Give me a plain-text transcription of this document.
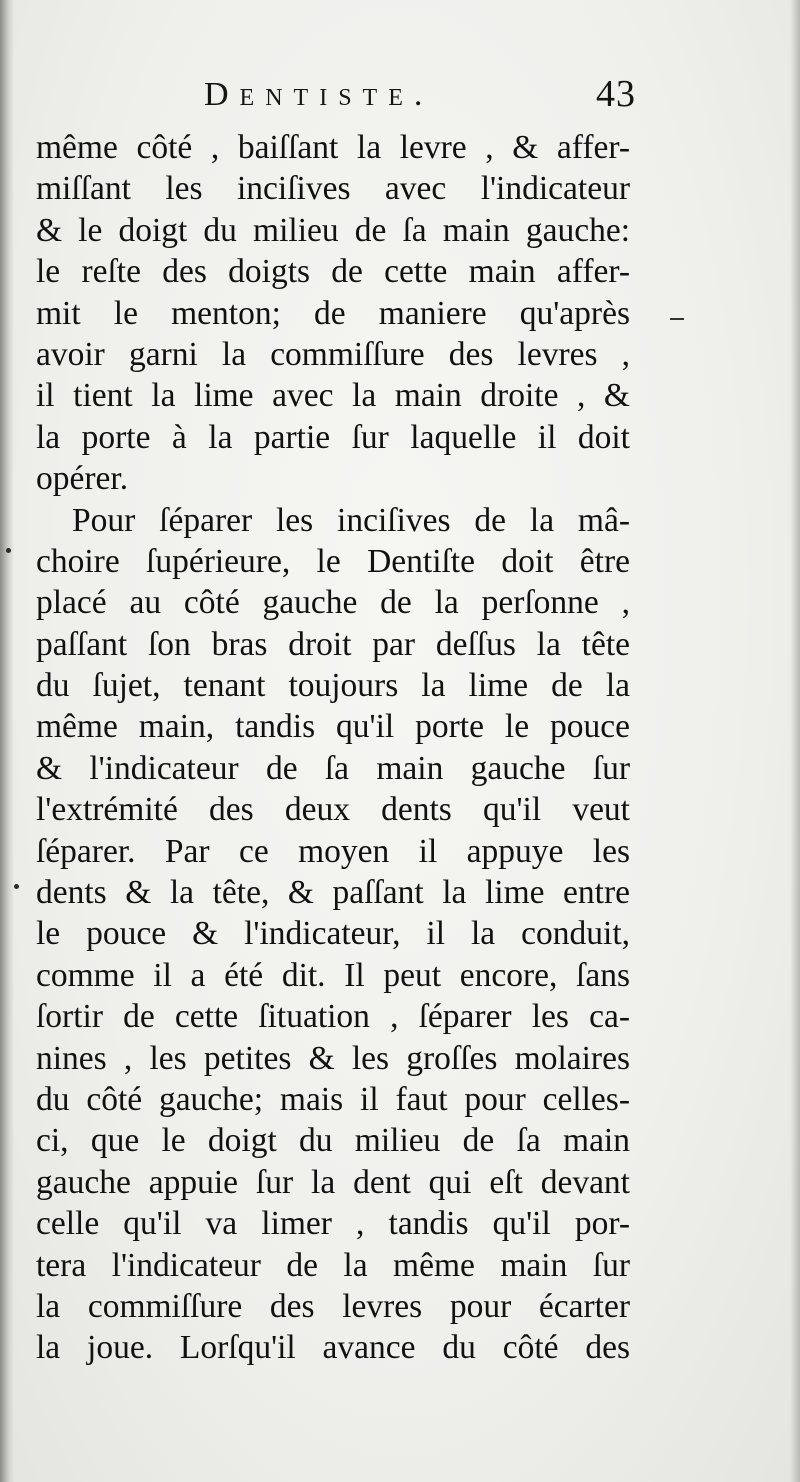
Dentiste.	43
même côté , baiſſant la levre , & affer-
miſſant les inciſives avec l'indicateur
& le doigt du milieu de ſa main gauche:
le reſte des doigts de cette main affer-
mit le menton; de maniere qu'après
avoir garni la commiſſure des levres ,
il tient la lime avec la main droite , &
la porte à la partie ſur laquelle il doit
opérer.
Pour ſéparer les inciſives de la mâ-
choire ſupérieure, le Dentiſte doit être
placé au côté gauche de la perſonne ,
paſſant ſon bras droit par deſſus la tête
du ſujet, tenant toujours la lime de la
même main, tandis qu'il porte le pouce
& l'indicateur de ſa main gauche ſur
l'extrémité des deux dents qu'il veut
ſéparer. Par ce moyen il appuye les
dents & la tête, & paſſant la lime entre
le pouce & l'indicateur, il la conduit,
comme il a été dit. Il peut encore, ſans
ſortir de cette ſituation , ſéparer les ca-
nines , les petites & les groſſes molaires
du côté gauche; mais il faut pour celles-
ci, que le doigt du milieu de ſa main
gauche appuie ſur la dent qui eſt devant
celle qu'il va limer , tandis qu'il por-
tera l'indicateur de la même main ſur
la commiſſure des levres pour écarter
la joue. Lorſqu'il avance du côté des
